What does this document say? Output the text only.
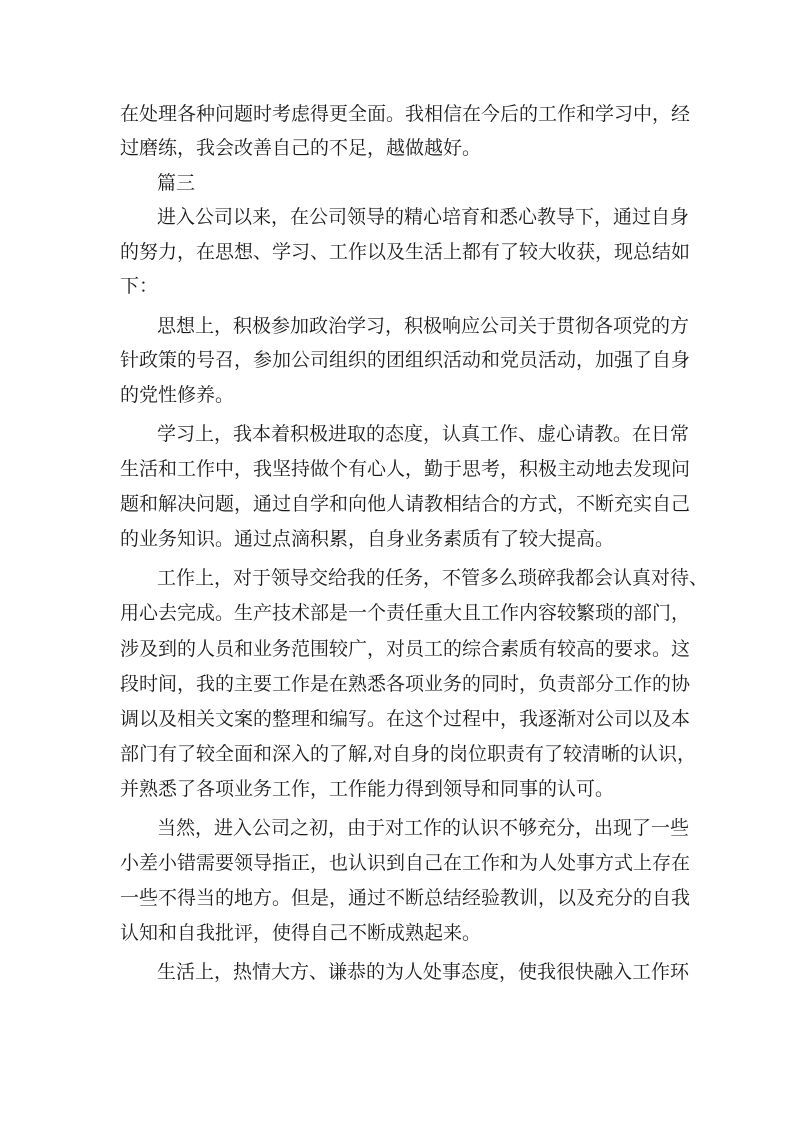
在处理各种问题时考虑得更全面。我相信在今后的工作和学习中，经
过磨练，我会改善自己的不足，越做越好。
篇三
进入公司以来，在公司领导的精心培育和悉心教导下，通过自身
的努力，在思想、学习、工作以及生活上都有了较大收获，现总结如
下：
思想上，积极参加政治学习，积极响应公司关于贯彻各项党的方
针政策的号召，参加公司组织的团组织活动和党员活动，加强了自身
的党性修养。
学习上，我本着积极进取的态度，认真工作、虚心请教。在日常
生活和工作中，我坚持做个有心人，勤于思考，积极主动地去发现问
题和解决问题，通过自学和向他人请教相结合的方式，不断充实自己
的业务知识。通过点滴积累，自身业务素质有了较大提高。
工作上，对于领导交给我的任务，不管多么琐碎我都会认真对待、
用心去完成。生产技术部是一个责任重大且工作内容较繁琐的部门，
涉及到的人员和业务范围较广，对员工的综合素质有较高的要求。这
段时间，我的主要工作是在熟悉各项业务的同时，负责部分工作的协
调以及相关文案的整理和编写。在这个过程中，我逐渐对公司以及本
部门有了较全面和深入的了解,对自身的岗位职责有了较清晰的认识，
并熟悉了各项业务工作，工作能力得到领导和同事的认可。
当然，进入公司之初，由于对工作的认识不够充分，出现了一些
小差小错需要领导指正，也认识到自己在工作和为人处事方式上存在
一些不得当的地方。但是，通过不断总结经验教训，以及充分的自我
认知和自我批评，使得自己不断成熟起来。
生活上，热情大方、谦恭的为人处事态度，使我很快融入工作环
